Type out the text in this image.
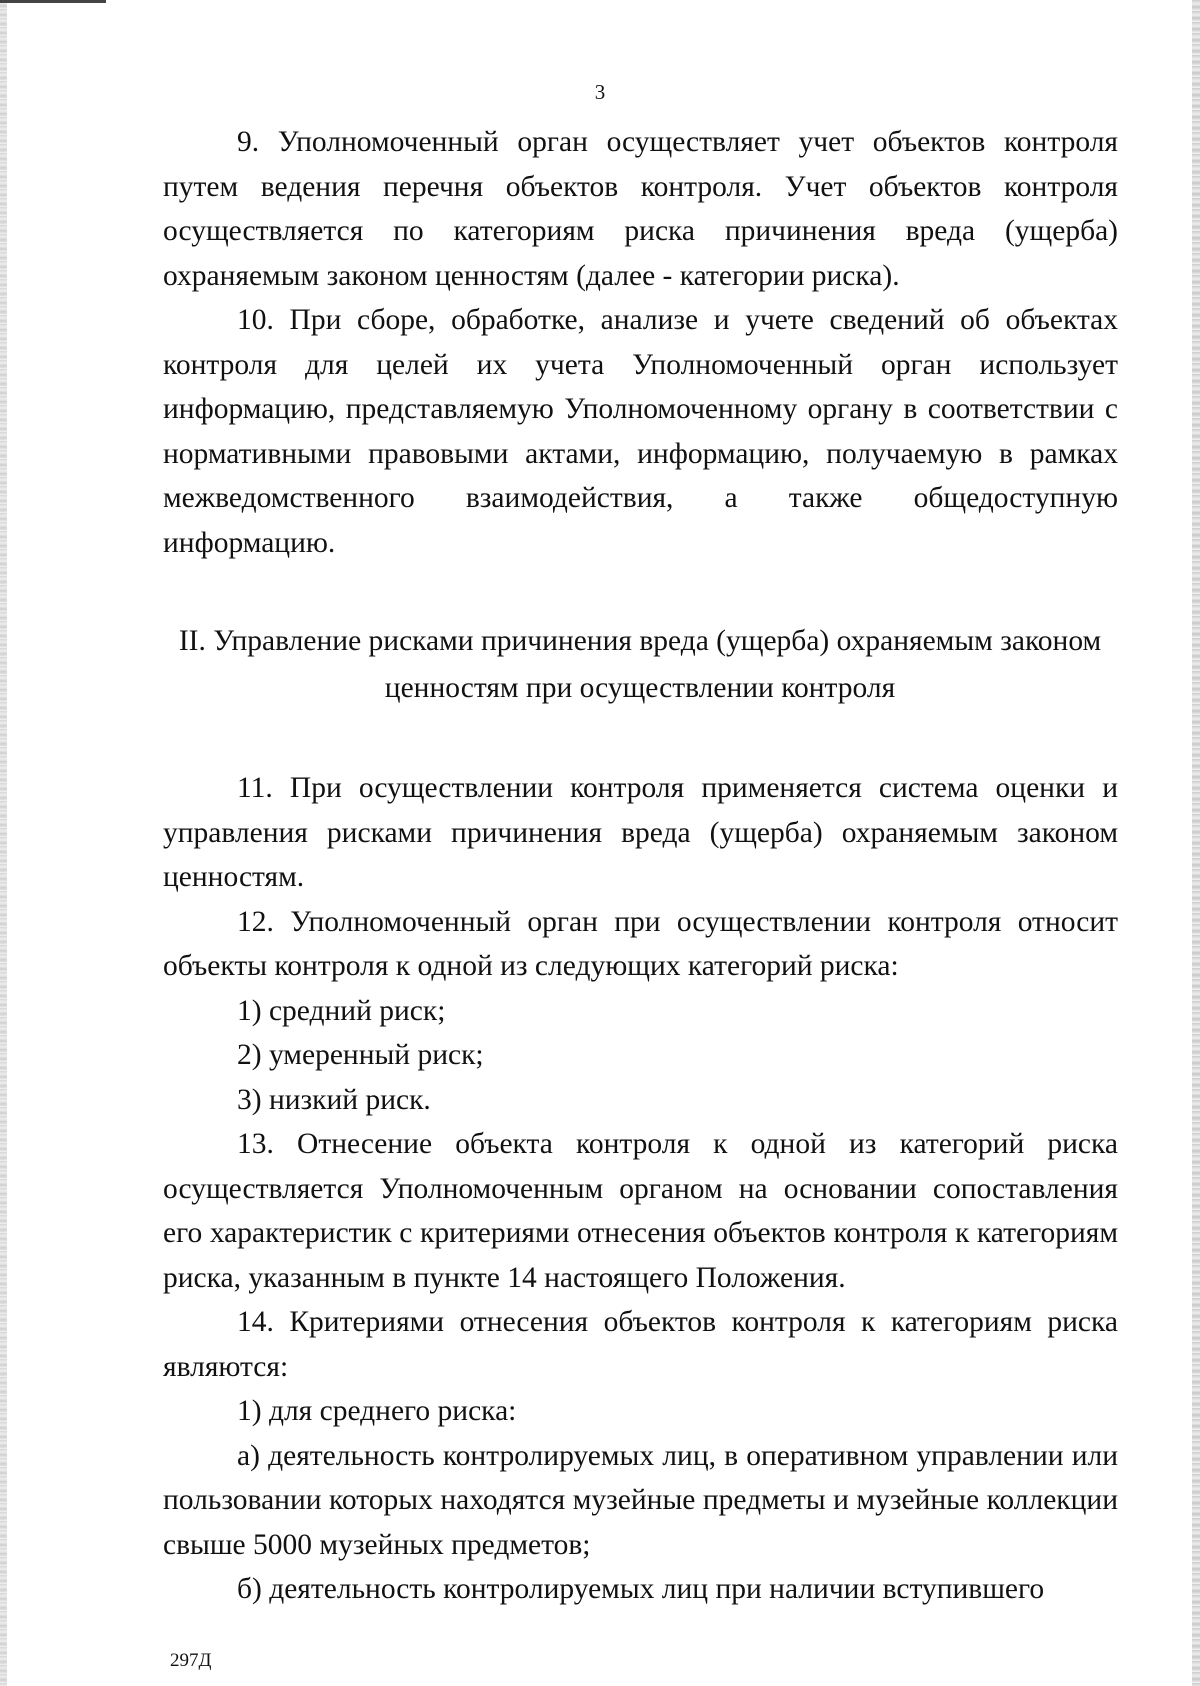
3

9. Уполномоченный орган осуществляет учет объектов контроля путем ведения перечня объектов контроля. Учет объектов контроля осуществляется по категориям риска причинения вреда (ущерба) охраняемым законом ценностям (далее - категории риска).

10. При сборе, обработке, анализе и учете сведений об объектах контроля для целей их учета Уполномоченный орган использует информацию, представляемую Уполномоченному органу в соответствии с нормативными правовыми актами, информацию, получаемую в рамках межведомственного взаимодействия, а также общедоступную информацию.

II. Управление рисками причинения вреда (ущерба) охраняемым законом
ценностям при осуществлении контроля

11. При осуществлении контроля применяется система оценки и управления рисками причинения вреда (ущерба) охраняемым законом ценностям.

12. Уполномоченный орган при осуществлении контроля относит объекты контроля к одной из следующих категорий риска:

1) средний риск;

2) умеренный риск;

3) низкий риск.

13. Отнесение объекта контроля к одной из категорий риска осуществляется Уполномоченным органом на основании сопоставления его характеристик с критериями отнесения объектов контроля к категориям риска, указанным в пункте 14 настоящего Положения.

14. Критериями отнесения объектов контроля к категориям риска являются:

1) для среднего риска:

а) деятельность контролируемых лиц, в оперативном управлении или пользовании которых находятся музейные предметы и музейные коллекции свыше 5000 музейных предметов;

б) деятельность контролируемых лиц при наличии вступившего

297Д
